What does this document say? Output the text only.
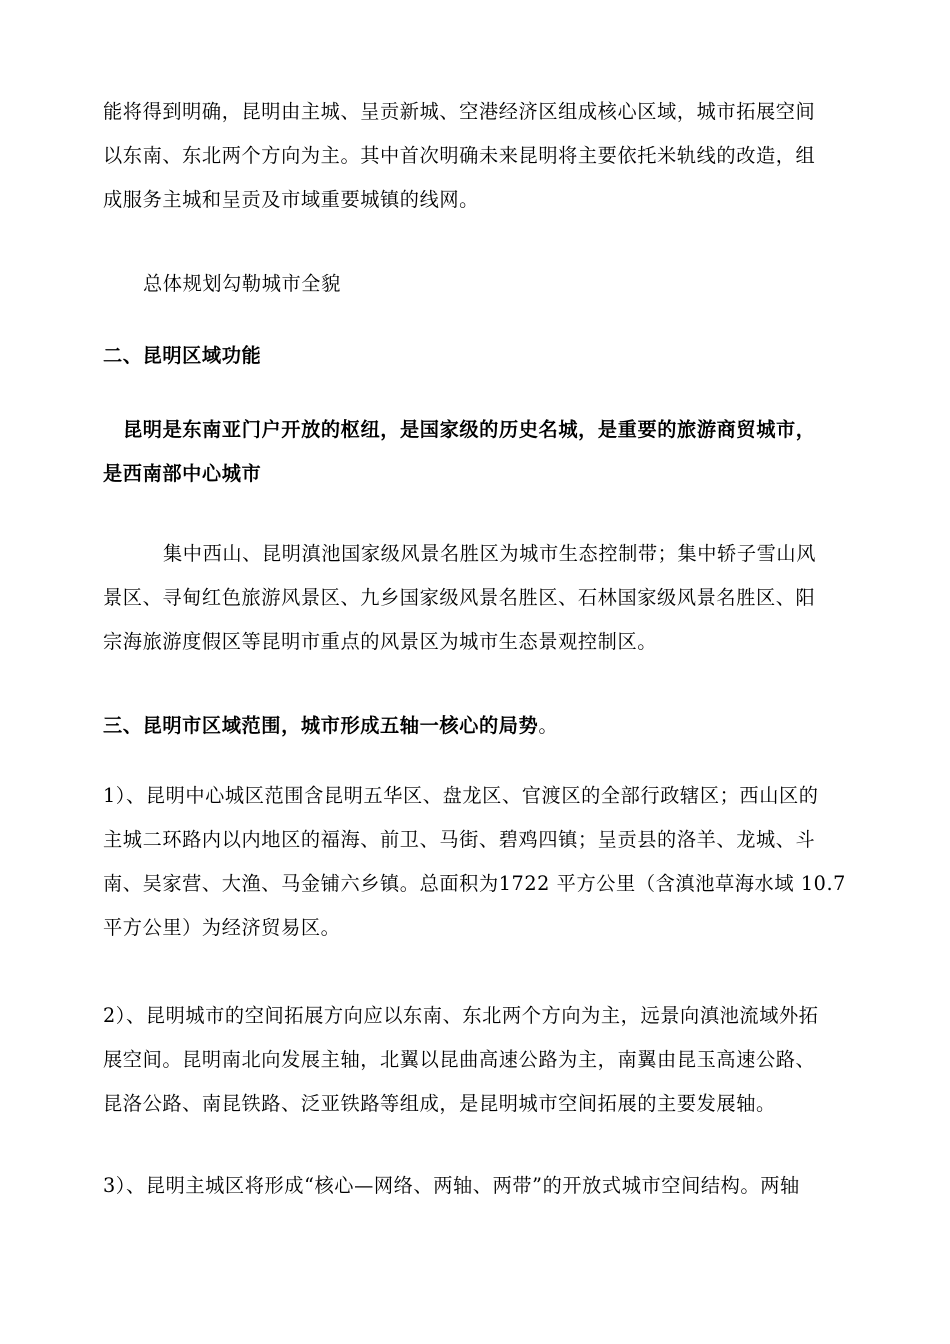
能将得到明确，昆明由主城、呈贡新城、空港经济区组成核心区域，城市拓展空间
以东南、东北两个方向为主。其中首次明确未来昆明将主要依托米轨线的改造，组
成服务主城和呈贡及市域重要城镇的线网。

总体规划勾勒城市全貌

二、昆明区域功能

昆明是东南亚门户开放的枢纽，是国家级的历史名城，是重要的旅游商贸城市，
是西南部中心城市

集中西山、昆明滇池国家级风景名胜区为城市生态控制带；集中轿子雪山风
景区、寻甸红色旅游风景区、九乡国家级风景名胜区、石林国家级风景名胜区、阳
宗海旅游度假区等昆明市重点的风景区为城市生态景观控制区。

三、昆明市区域范围，城市形成五轴一核心的局势。

1）、昆明中心城区范围含昆明五华区、盘龙区、官渡区的全部行政辖区；西山区的
主城二环路内以内地区的福海、前卫、马街、碧鸡四镇；呈贡县的洛羊、龙城、斗
南、吴家营、大渔、马金铺六乡镇。总面积为1722 平方公里（含滇池草海水域 10.7
平方公里）为经济贸易区。

2）、昆明城市的空间拓展方向应以东南、东北两个方向为主，远景向滇池流域外拓
展空间。昆明南北向发展主轴，北翼以昆曲高速公路为主，南翼由昆玉高速公路、
昆洛公路、南昆铁路、泛亚铁路等组成，是昆明城市空间拓展的主要发展轴。

3）、昆明主城区将形成“核心—网络、两轴、两带”的开放式城市空间结构。两轴
